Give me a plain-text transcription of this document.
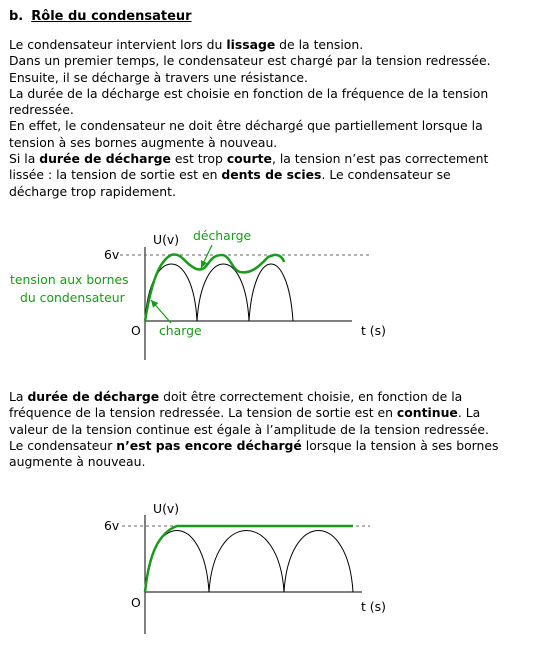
b. Rôle du condensateur

Le condensateur intervient lors du lissage de la tension.

Dans un premier temps, le condensateur est chargé par la tension redressée.

Ensuite, il se décharge à travers une résistance.

La durée de la décharge est choisie en fonction de la fréquence de la tension

redressée.

En effet, le condensateur ne doit être déchargé que partiellement lorsque la

tension à ses bornes augmente à nouveau.

Si la durée de décharge est trop courte, la tension n’est pas correctement

lissée : la tension de sortie est en dents de scies. Le condensateur se

décharge trop rapidement.

U(v)
6v
O	t (s)
décharge
tension aux bornes
du condensateur
charge

La durée de décharge doit être correctement choisie, en fonction de la

fréquence de la tension redressée. La tension de sortie est en continue. La

valeur de la tension continue est égale à l’amplitude de la tension redressée.

Le condensateur n’est pas encore déchargé lorsque la tension à ses bornes

augmente à nouveau.

U(v)
6v
O	t (s)
